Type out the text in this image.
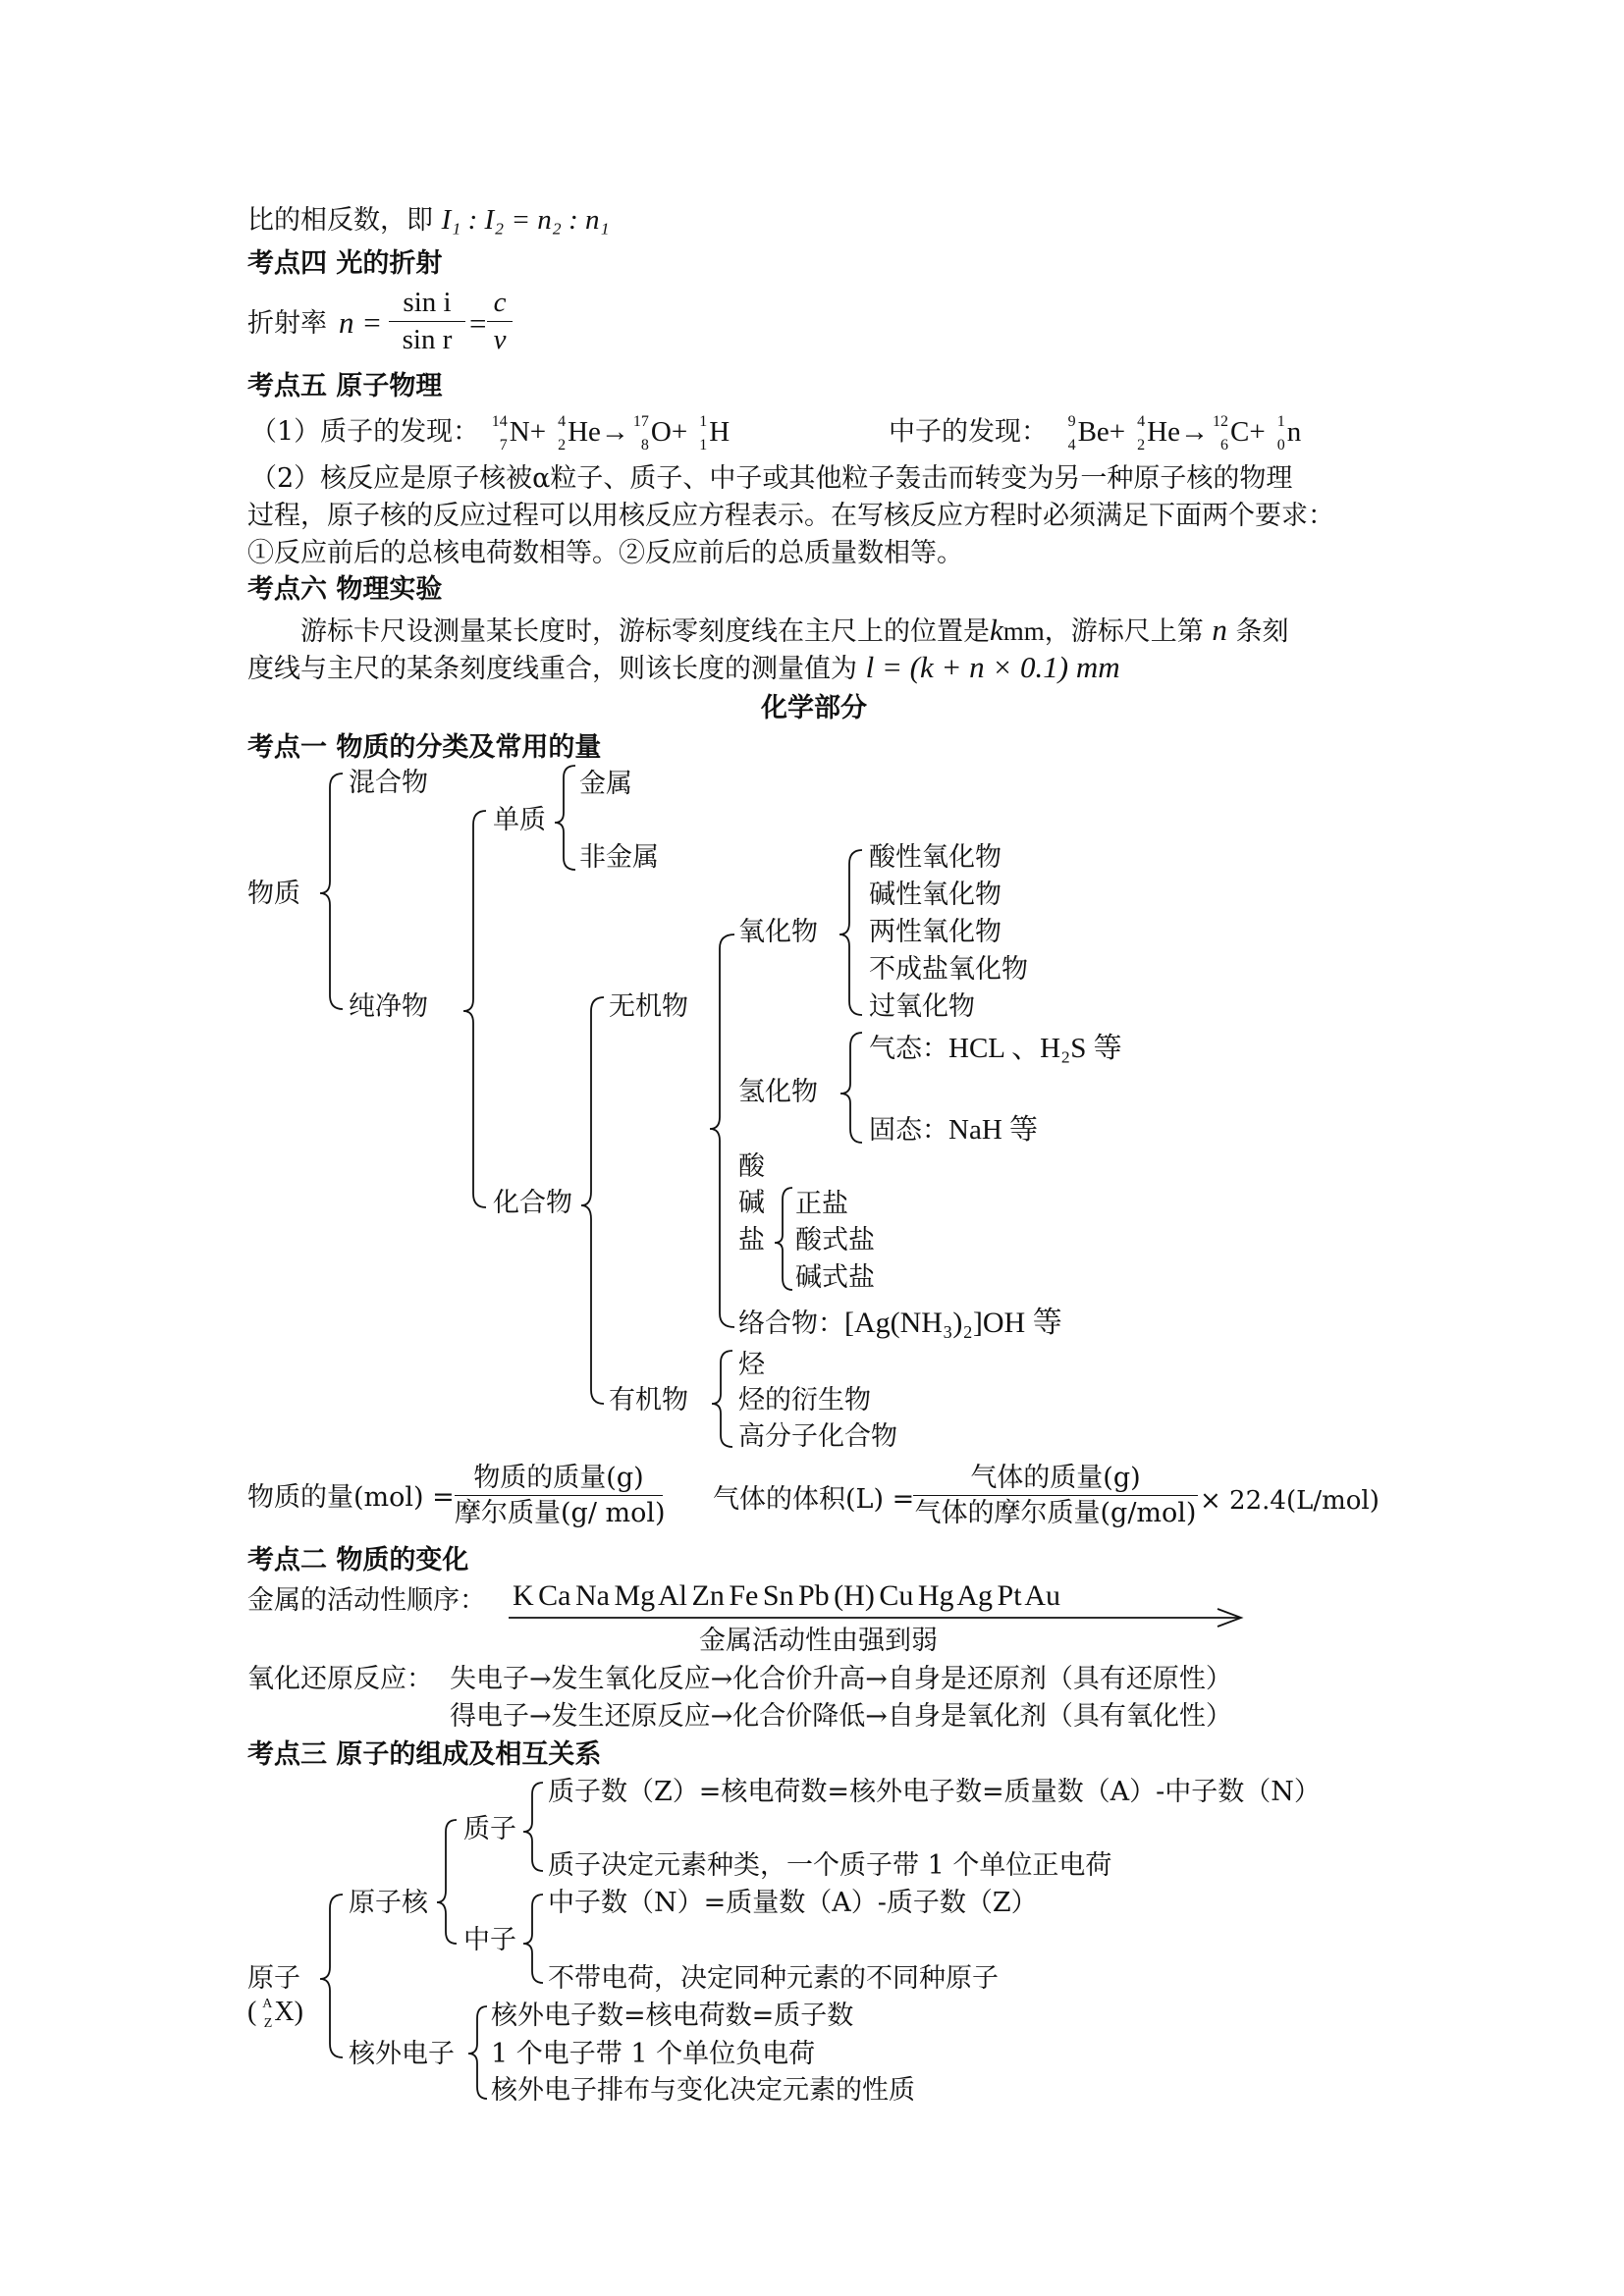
比的相反数，即 I₁ : I₂ = n₂ : n₁
考点四 光的折射
折射率 n =
sin i
sin r =
c
v
考点五 原子物理
（1）质子的发现： 14
7 N+ 4
2 He→ 17
8 O+ 1
1 H	中子的发现： 9
4 Be+ 4
2 He→ 12
6 C+ 1
0 n
（2）核反应是原子核被α粒子、质子、中子或其他粒子轰击而转变为另一种原子核的物理
过程，原子核的反应过程可以用核反应方程表示。在写核反应方程时必须满足下面两个要求：
①反应前后的总核电荷数相等。②反应前后的总质量数相等。
考点六 物理实验
游标卡尺设测量某长度时，游标零刻度线在主尺上的位置是kmm，游标尺上第 n 条刻
度线与主尺的某条刻度线重合，则该长度的测量值为 l = (k + n × 0.1) mm
化学部分
考点一 物质的分类及常用的量
物质
混合物
纯净物
单质
金属
非金属
化合物
无机物
有机物
氧化物
酸性氧化物
碱性氧化物
两性氧化物
不成盐氧化物
过氧化物
氢化物
气态：HCL 、H₂S 等
固态：NaH 等
酸
碱
盐
正盐
酸式盐
碱式盐
络合物：[Ag(NH₃)₂]OH 等
烃
烃的衍生物
高分子化合物
物质的量(mol) =
物质的质量(g)
摩尔质量(g/ mol) 气体的体积(L) =
气体的质量(g)
气体的摩尔质量(g/mol) × 22.4(L/mol)
考点二 物质的变化
金属的活动性顺序： K Ca Na Mg Al Zn Fe Sn Pb (H) Cu Hg Ag Pt Au
金属活动性由强到弱
氧化还原反应： 失电子→发生氧化反应→化合价升高→自身是还原剂（具有还原性）
得电子→发生还原反应→化合价降低→自身是氧化剂（具有氧化性）
考点三 原子的组成及相互关系
原子
( A
Z X)
原子核
质子
质子数（Z）=核电荷数=核外电子数=质量数（A）-中子数（N）
质子决定元素种类，一个质子带 1 个单位正电荷
中子
中子数（N）=质量数（A）-质子数（Z）
不带电荷，决定同种元素的不同种原子
核外电子
核外电子数=核电荷数=质子数
1 个电子带 1 个单位负电荷
核外电子排布与变化决定元素的性质
